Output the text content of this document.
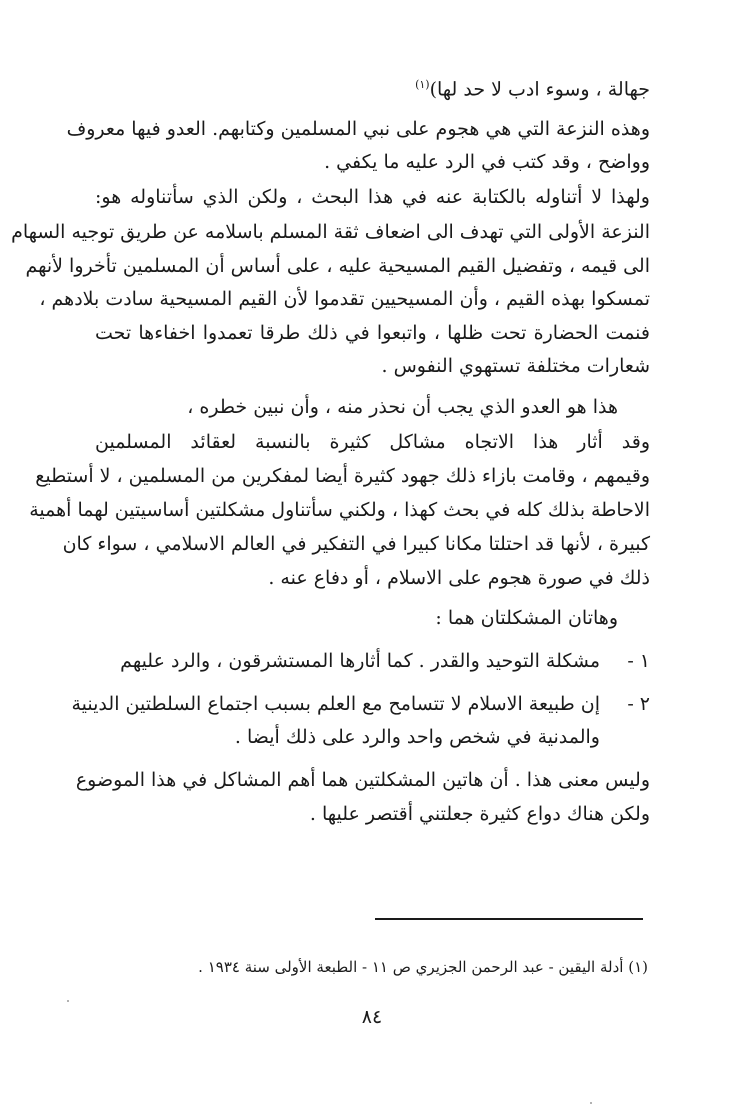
جهالة ، وسوء ادب لا حد لها)$^{(١)}$
وهذه النزعة التي هي هجوم على نبي المسلمين وكتابهم. العدو فيها معروف
وواضح ، وقد كتب في الرد عليه ما يكفي .
ولهذا لا أتناوله بالكتابة عنه في هذا البحث ، ولكن الذي سأتناوله هو:
النزعة الأولى التي تهدف الى اضعاف ثقة المسلم باسلامه عن طريق توجيه السهام
الى قيمه ، وتفضيل القيم المسيحية عليه ، على أساس أن المسلمين تأخروا لأنهم
تمسكوا بهذه القيم ، وأن المسيحيين تقدموا لأن القيم المسيحية سادت بلادهم ،
فنمت الحضارة تحت ظلها ، واتبعوا في ذلك طرقا تعمدوا اخفاءها تحت
شعارات مختلفة تستهوي النفوس .
هذا هو العدو الذي يجب أن نحذر منه ، وأن نبين خطره ،
وقد أثار هذا الاتجاه مشاكل كثيرة بالنسبة لعقائد المسلمين
وقيمهم ، وقامت بازاء ذلك جهود كثيرة أيضا لمفكرين من المسلمين ، لا أستطيع
الاحاطة بذلك كله في بحث كهذا ، ولكني سأتناول مشكلتين أساسيتين لهما أهمية
كبيرة ، لأنها قد احتلتا مكانا كبيرا في التفكير في العالم الاسلامي ، سواء كان
ذلك في صورة هجوم على الاسلام ، أو دفاع عنه .
وهاتان المشكلتان هما :
١ -
مشكلة التوحيد والقدر . كما أثارها المستشرقون ، والرد عليهم
٢ -
إن طبيعة الاسلام لا تتسامح مع العلم بسبب اجتماع السلطتين الدينية
والمدنية في شخص واحد والرد على ذلك أيضا .
وليس معنى هذا . أن هاتين المشكلتين هما أهم المشاكل في هذا الموضوع
ولكن هناك دواع كثيرة جعلتني أقتصر عليها .
(١) أدلة اليقين - عبد الرحمن الجزيري ص ١١ - الطبعة الأولى سنة ١٩٣٤ .
٨٤
